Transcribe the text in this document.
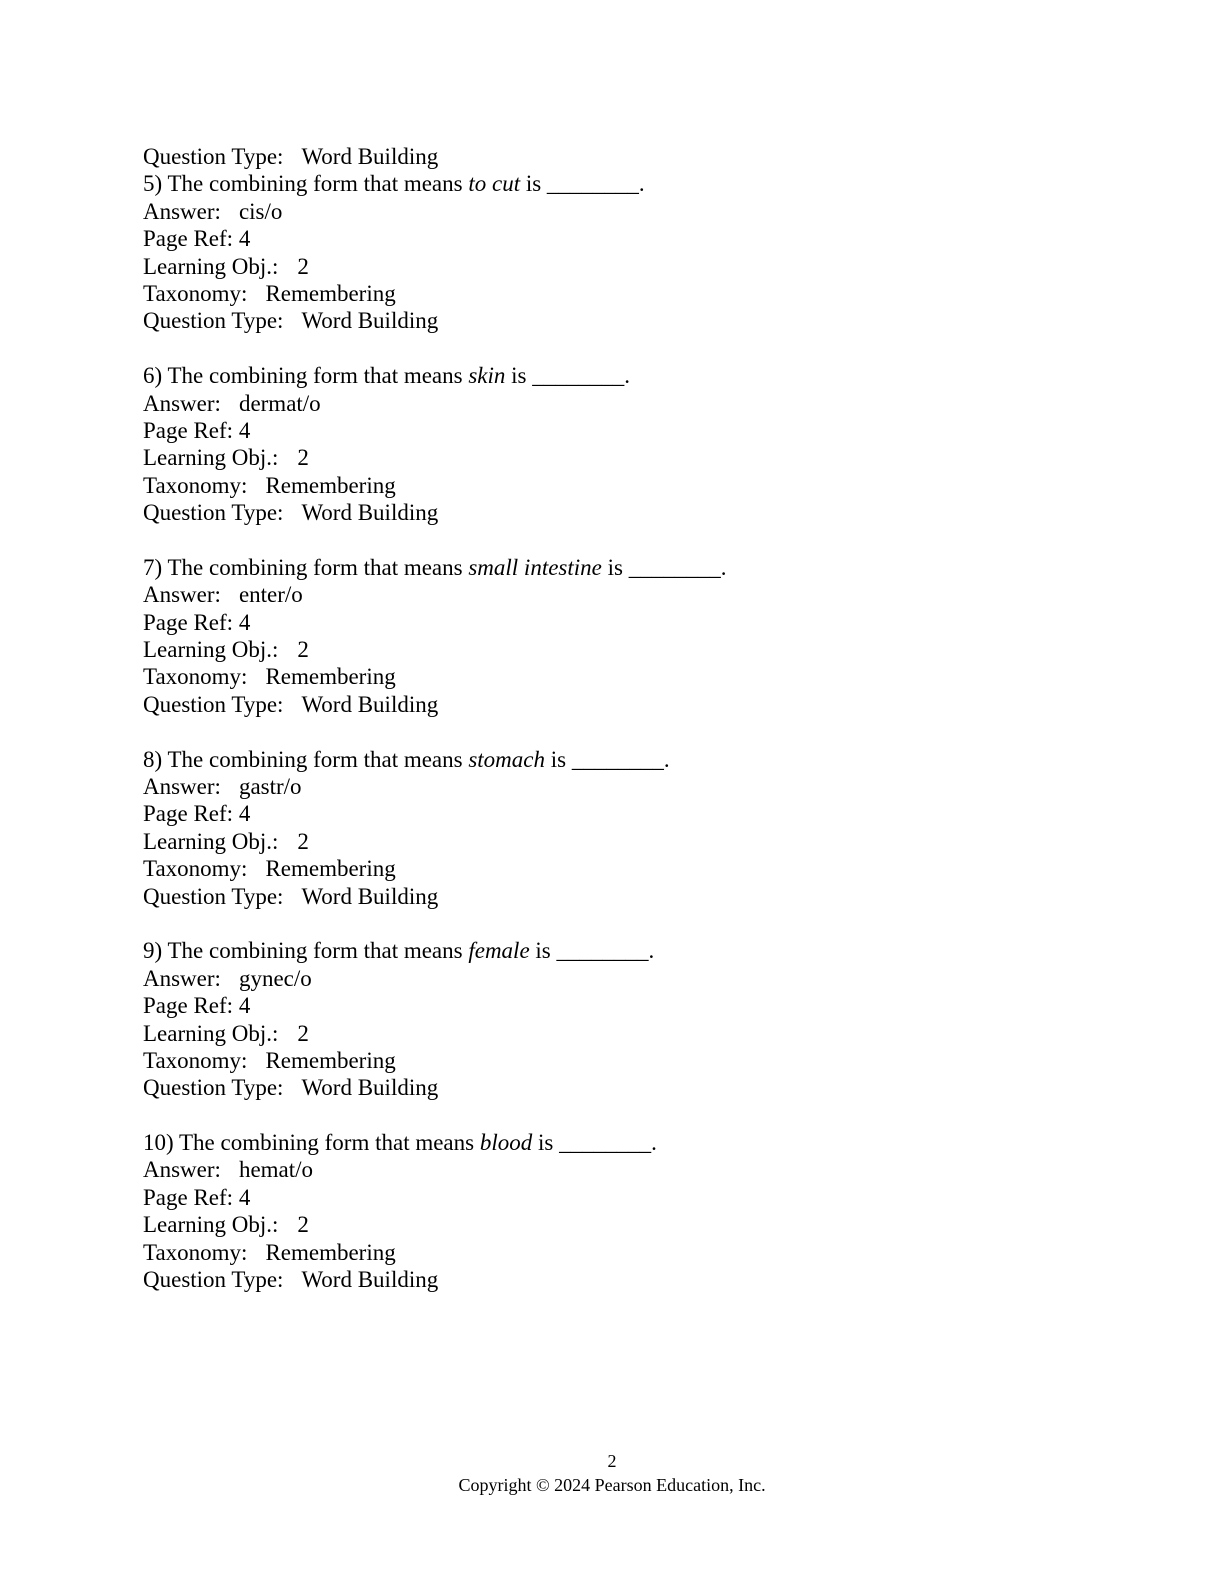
Question Type: Word Building
5) The combining form that means to cut is ________.
Answer: cis/o
Page Ref: 4
Learning Obj.: 2
Taxonomy: Remembering
Question Type: Word Building
6) The combining form that means skin is ________.
Answer: dermat/o
Page Ref: 4
Learning Obj.: 2
Taxonomy: Remembering
Question Type: Word Building
7) The combining form that means small intestine is ________.
Answer: enter/o
Page Ref: 4
Learning Obj.: 2
Taxonomy: Remembering
Question Type: Word Building
8) The combining form that means stomach is ________.
Answer: gastr/o
Page Ref: 4
Learning Obj.: 2
Taxonomy: Remembering
Question Type: Word Building
9) The combining form that means female is ________.
Answer: gynec/o
Page Ref: 4
Learning Obj.: 2
Taxonomy: Remembering
Question Type: Word Building
10) The combining form that means blood is ________.
Answer: hemat/o
Page Ref: 4
Learning Obj.: 2
Taxonomy: Remembering
Question Type: Word Building
2
Copyright © 2024 Pearson Education, Inc.
